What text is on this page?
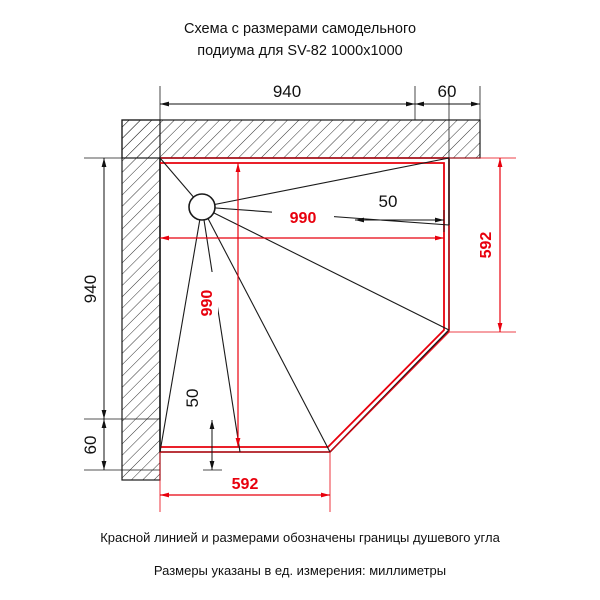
Схема с размерами самодельного
подиума для SV-82 1000х1000
940	60
940
60
592
592
990
990
50
50
Красной линией и размерами обозначены границы душевого угла
Размеры указаны в ед. измерения: миллиметры
